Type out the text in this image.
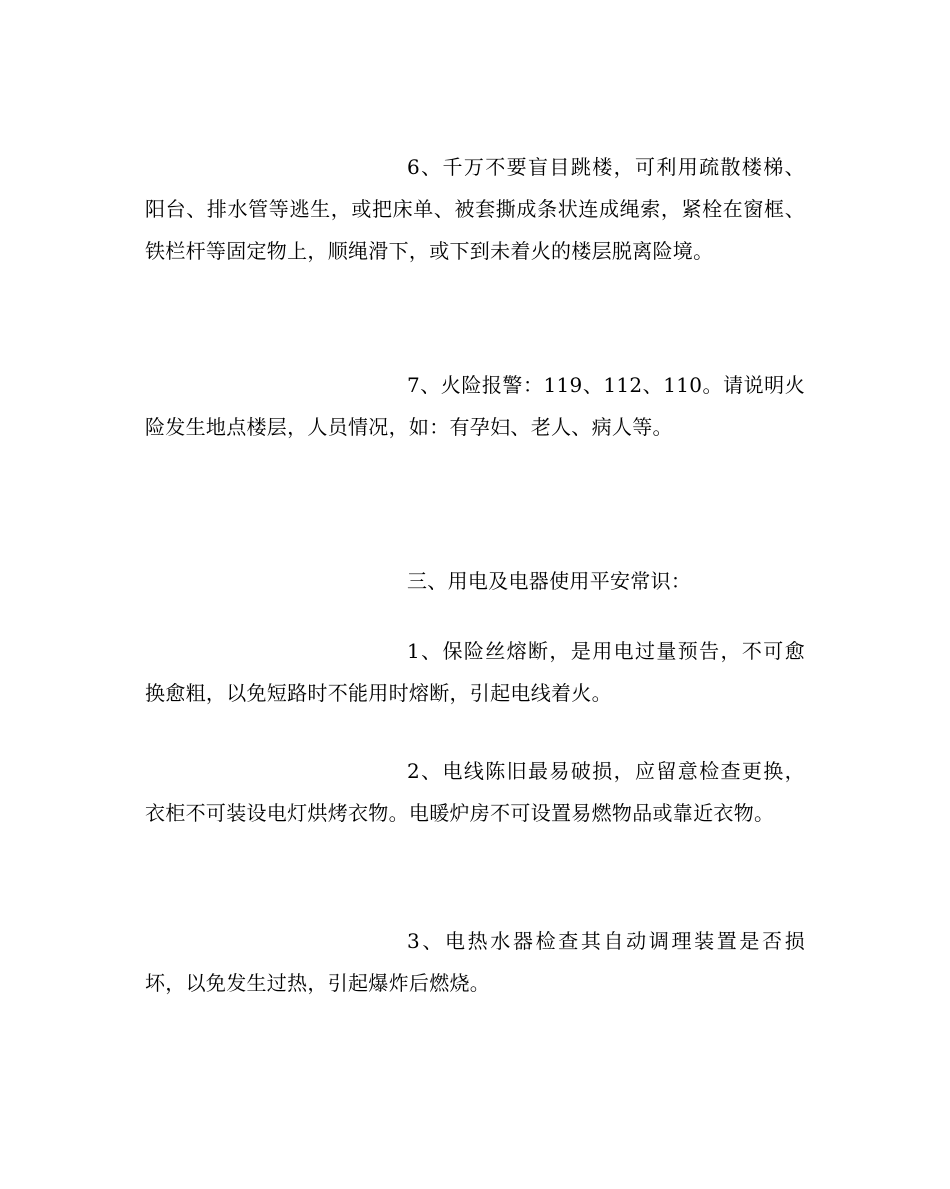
6、千万不要盲目跳楼，可利用疏散楼梯、阳台、排水管等逃生，或把床单、被套撕成条状连成绳索，紧栓在窗框、铁栏杆等固定物上，顺绳滑下，或下到未着火的楼层脱离险境。

7、火险报警：119、112、110。请说明火险发生地点楼层，人员情况，如：有孕妇、老人、病人等。

三、用电及电器使用平安常识：

1、保险丝熔断，是用电过量预告，不可愈换愈粗，以免短路时不能用时熔断，引起电线着火。

2、电线陈旧最易破损，应留意检查更换，衣柜不可装设电灯烘烤衣物。电暖炉房不可设置易燃物品或靠近衣物。

3、电热水器检查其自动调理装置是否损坏，以免发生过热，引起爆炸后燃烧。
